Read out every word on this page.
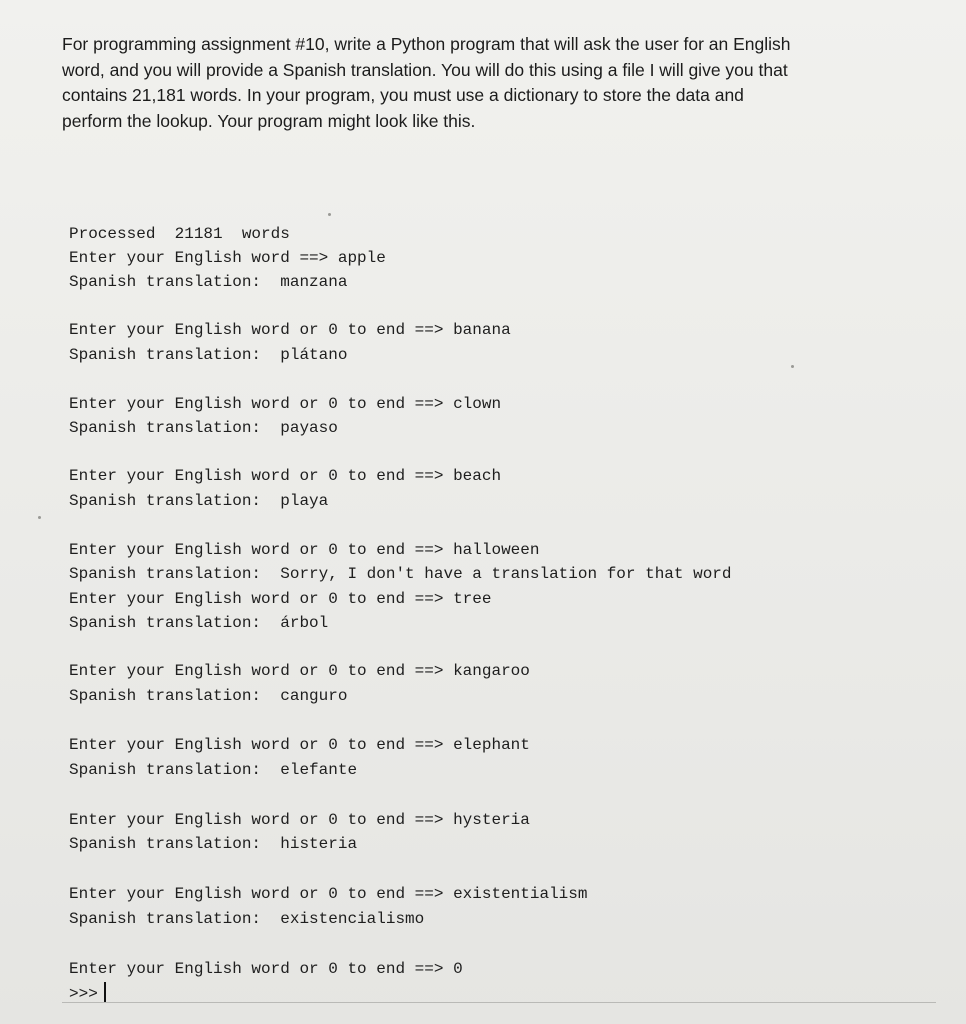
For programming assignment #10, write a Python program that will ask the user for an English
word, and you will provide a Spanish translation. You will do this using a file I will give you that
contains 21,181 words. In your program, you must use a dictionary to store the data and
perform the lookup. Your program might look like this.

Processed  21181  words
Enter your English word ==> apple
Spanish translation:  manzana
Enter your English word or 0 to end ==> banana
Spanish translation:  plátano
Enter your English word or 0 to end ==> clown
Spanish translation:  payaso
Enter your English word or 0 to end ==> beach
Spanish translation:  playa
Enter your English word or 0 to end ==> halloween
Spanish translation:  Sorry, I don't have a translation for that word
Enter your English word or 0 to end ==> tree
Spanish translation:  árbol
Enter your English word or 0 to end ==> kangaroo
Spanish translation:  canguro
Enter your English word or 0 to end ==> elephant
Spanish translation:  elefante
Enter your English word or 0 to end ==> hysteria
Spanish translation:  histeria
Enter your English word or 0 to end ==> existentialism
Spanish translation:  existencialismo
Enter your English word or 0 to end ==> 0
>>>
